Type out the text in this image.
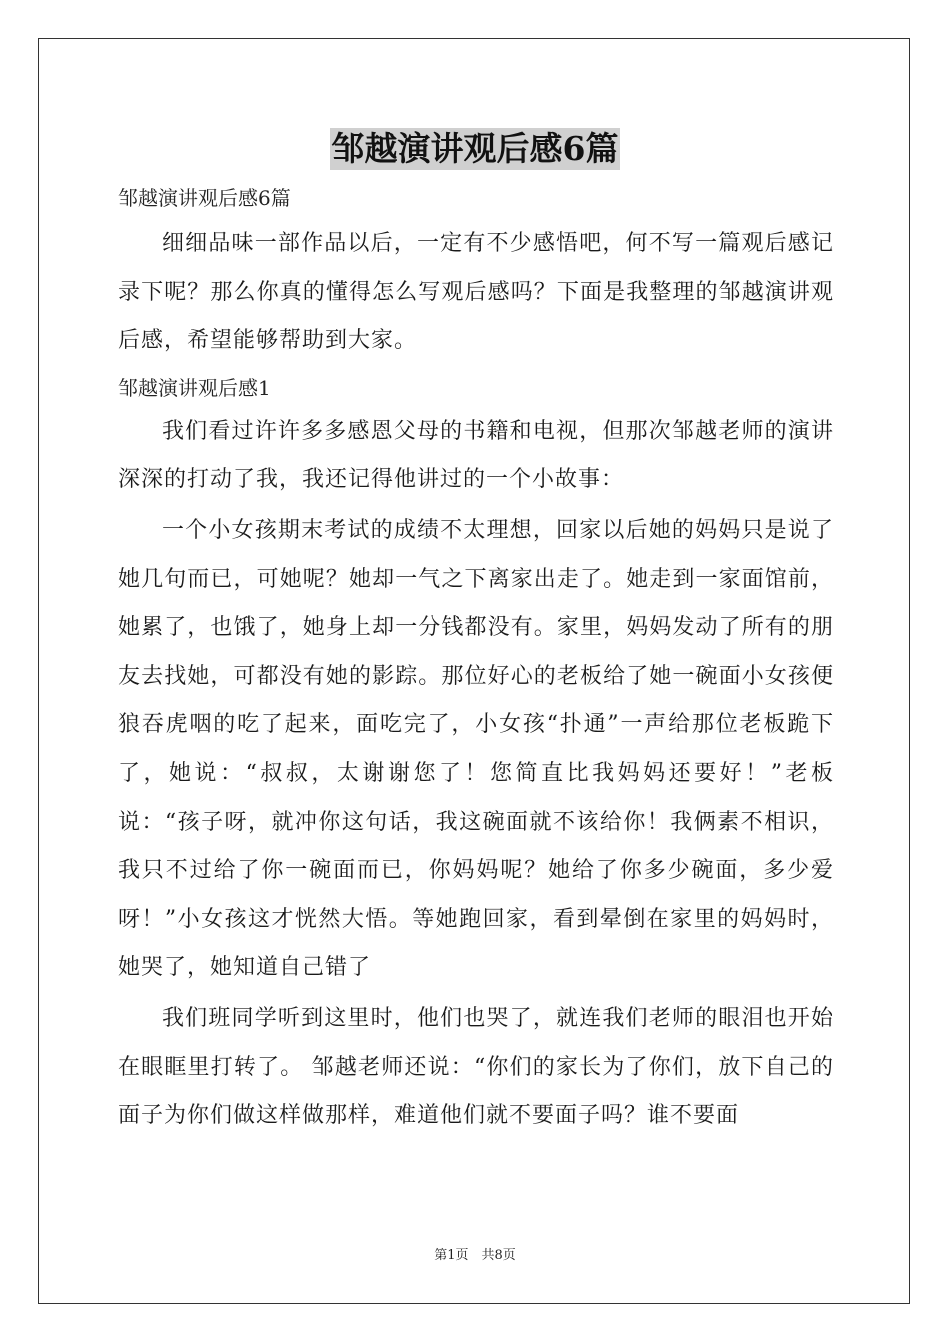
邹越演讲观后感6篇

邹越演讲观后感6篇

细细品味一部作品以后，一定有不少感悟吧，何不写一篇观后感记录下呢？那么你真的懂得怎么写观后感吗？下面是我整理的邹越演讲观后感，希望能够帮助到大家。

邹越演讲观后感1

我们看过许许多多感恩父母的书籍和电视，但那次邹越老师的演讲深深的打动了我，我还记得他讲过的一个小故事：

一个小女孩期末考试的成绩不太理想，回家以后她的妈妈只是说了她几句而已，可她呢？她却一气之下离家出走了。她走到一家面馆前，她累了，也饿了，她身上却一分钱都没有。家里，妈妈发动了所有的朋友去找她，可都没有她的影踪。那位好心的老板给了她一碗面小女孩便狼吞虎咽的吃了起来，面吃完了，小女孩“扑通”一声给那位老板跪下了，她说：“叔叔，太谢谢您了！您简直比我妈妈还要好！”老板说：“孩子呀，就冲你这句话，我这碗面就不该给你！我俩素不相识，我只不过给了你一碗面而已，你妈妈呢？她给了你多少碗面，多少爱呀！”小女孩这才恍然大悟。等她跑回家，看到晕倒在家里的妈妈时，她哭了，她知道自己错了

我们班同学听到这里时，他们也哭了，就连我们老师的眼泪也开始在眼眶里打转了。 邹越老师还说：“你们的家长为了你们，放下自己的面子为你们做这样做那样，难道他们就不要面子吗？谁不要面

第1页　共8页
